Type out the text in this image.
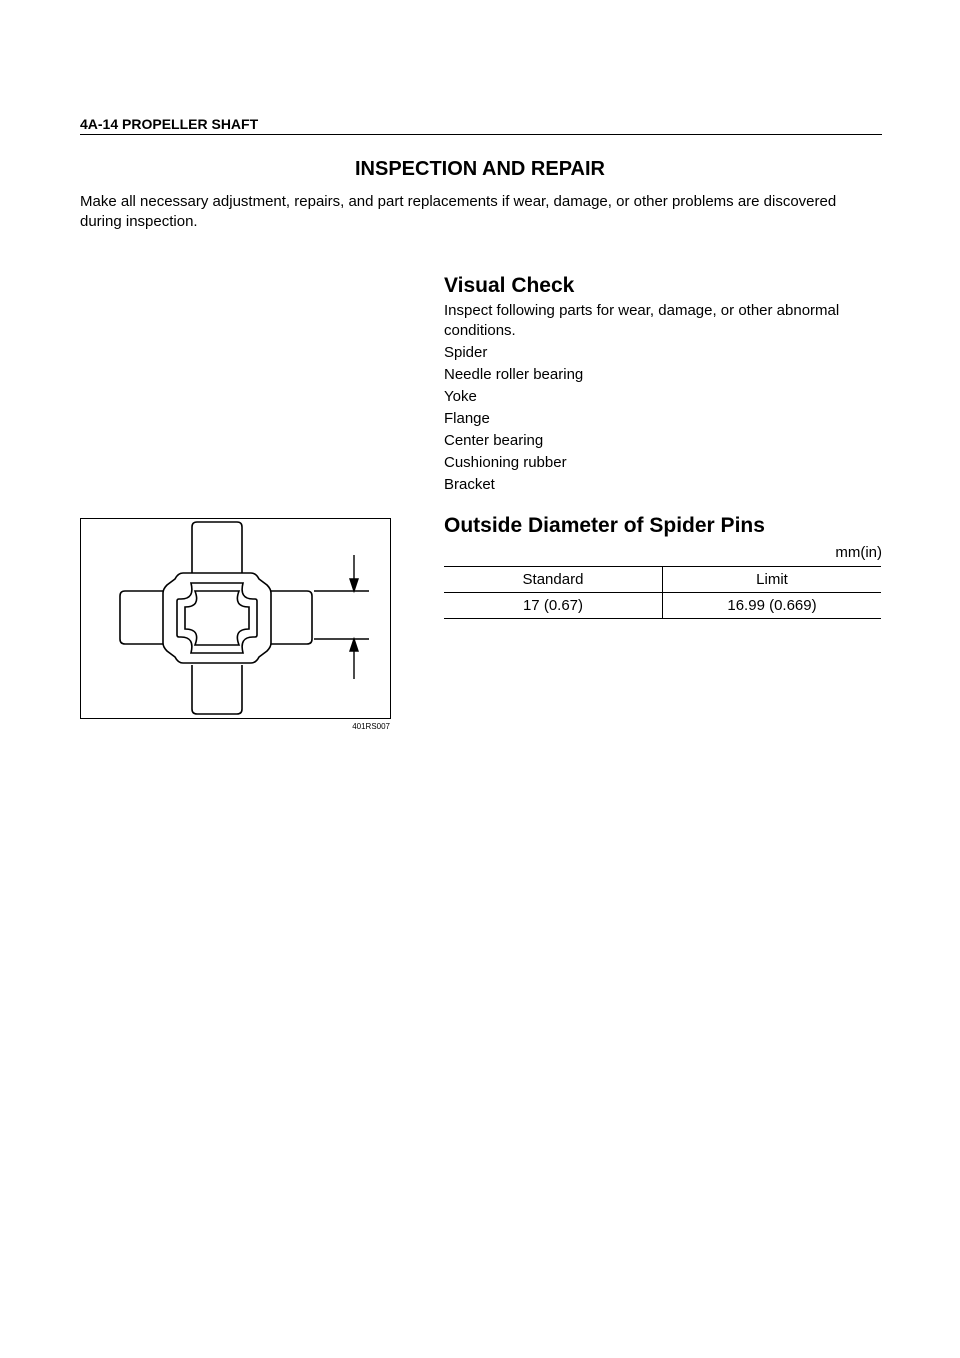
4A-14 PROPELLER SHAFT
INSPECTION AND REPAIR
Make all necessary adjustment, repairs, and part replacements if wear, damage, or other problems are discovered during inspection.
Visual Check
Inspect following parts for wear, damage, or other abnormal conditions.
Spider
Needle roller bearing
Yoke
Flange
Center bearing
Cushioning rubber
Bracket
401RS007
Outside Diameter of Spider Pins
mm(in)
Standard	Limit
17 (0.67)	16.99 (0.669)
